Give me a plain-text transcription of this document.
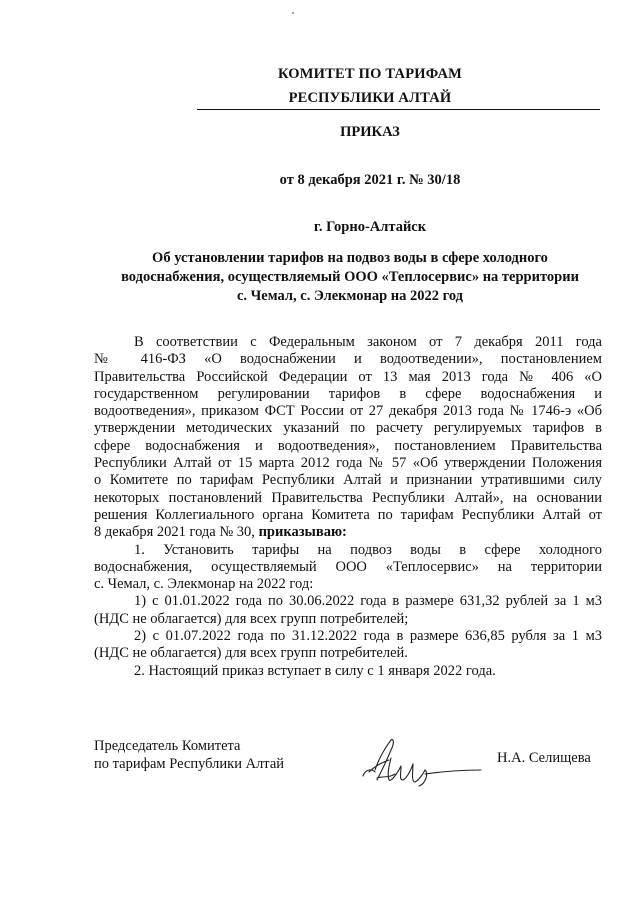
КОМИТЕТ ПО ТАРИФАМ
РЕСПУБЛИКИ АЛТАЙ
ПРИКАЗ
от 8 декабря 2021 г. № 30/18
г. Горно-Алтайск
Об установлении тарифов на подвоз воды в сфере холодного
водоснабжения, осуществляемый ООО «Теплосервис» на территории
с. Чемал, с. Элекмонар на 2022 год
В соответствии с Федеральным законом от 7 декабря 2011 года
№ 416-ФЗ «О водоснабжении и водоотведении», постановлением
Правительства Российской Федерации от 13 мая 2013 года № 406 «О
государственном регулировании тарифов в сфере водоснабжения и
водоотведения», приказом ФСТ России от 27 декабря 2013 года № 1746-э «Об
утверждении методических указаний по расчету регулируемых тарифов в
сфере водоснабжения и водоотведения», постановлением Правительства
Республики Алтай от 15 марта 2012 года № 57 «Об утверждении Положения
о Комитете по тарифам Республики Алтай и признании утратившими силу
некоторых постановлений Правительства Республики Алтай», на основании
решения Коллегиального органа Комитета по тарифам Республики Алтай от
8 декабря 2021 года № 30, приказываю:
1. Установить тарифы на подвоз воды в сфере холодного
водоснабжения, осуществляемый ООО «Теплосервис» на территории
с. Чемал, с. Элекмонар на 2022 год:
1) с 01.01.2022 года по 30.06.2022 года в размере 631,32 рублей за 1 м3
(НДС не облагается) для всех групп потребителей;
2) с 01.07.2022 года по 31.12.2022 года в размере 636,85 рубля за 1 м3
(НДС не облагается) для всех групп потребителей.
2. Настоящий приказ вступает в силу с 1 января 2022 года.
Председатель Комитета
по тарифам Республики Алтай	Н.А. Селищева
